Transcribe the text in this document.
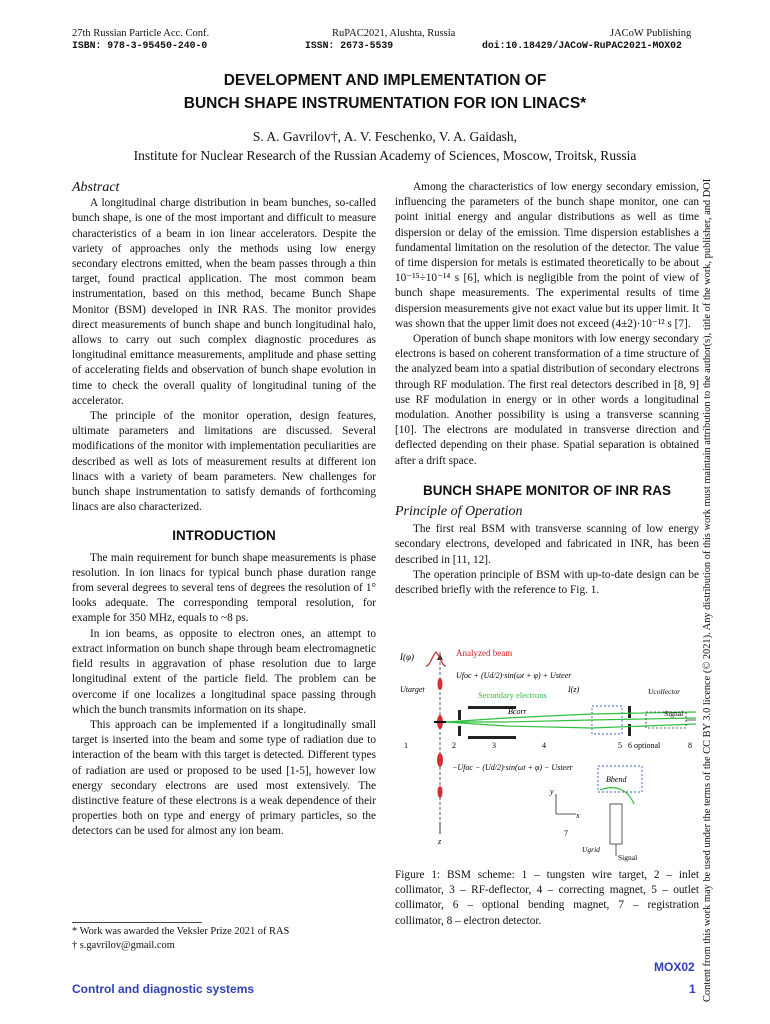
27th Russian Particle Acc. Conf.	RuPAC2021, Alushta, Russia	JACoW Publishing
ISBN: 978-3-95450-240-0	ISSN: 2673-5539	doi:10.18429/JACoW-RuPAC2021-MOX02
DEVELOPMENT AND IMPLEMENTATION OF
BUNCH SHAPE INSTRUMENTATION FOR ION LINACS*
S. A. Gavrilov†, A. V. Feschenko, V. A. Gaidash,
Institute for Nuclear Research of the Russian Academy of Sciences, Moscow, Troitsk, Russia
Abstract

A longitudinal charge distribution in beam bunches, so-called bunch shape, is one of the most important and difficult to measure characteristics of a beam in ion linear accelerators. Despite the variety of approaches only the methods using low energy secondary electrons emitted, when the beam passes through a thin target, found practical application. The most common beam instrumentation, based on this method, became Bunch Shape Monitor (BSM) developed in INR RAS. The monitor provides direct measurements of bunch shape and bunch longitudinal halo, allows to carry out such complex diagnostic procedures as longitudinal emittance measurements, amplitude and phase setting of accelerating fields and observation of bunch shape evolution in time to check the overall quality of longitudinal tuning of the accelerator.

The principle of the monitor operation, design features, ultimate parameters and limitations are discussed. Several modifications of the monitor with implementation peculiarities are described as well as lots of measurement results at different ion linacs with a variety of beam parameters. New challenges for bunch shape instrumentation to satisfy demands of forthcoming linacs are also characterized.

INTRODUCTION

The main requirement for bunch shape measurements is phase resolution. In ion linacs for typical bunch phase duration range from several degrees to several tens of degrees the resolution of 1° looks adequate. The corresponding temporal resolution, for example for 350 MHz, equals to ~8 ps.

In ion beams, as opposite to electron ones, an attempt to extract information on bunch shape through beam electromagnetic field results in aggravation of phase resolution due to large longitudinal extent of the particle field. The problem can be overcome if one localizes a longitudinal space passing through which the bunch transmits information on its shape.

This approach can be implemented if a longitudinally small target is inserted into the beam and some type of radiation due to interaction of the beam with this target is detected. Different types of radiation are used or proposed to be used [1-5], however low energy secondary electrons are used most extensively. The distinctive feature of these electrons is a weak dependence of their properties both on type and energy of primary particles, so the detectors can be used for almost any ion beam.

* Work was awarded the Veksler Prize 2021 of RAS
† s.gavrilov@gmail.com

Among the characteristics of low energy secondary emission, influencing the parameters of the bunch shape monitor, one can point initial energy and angular distributions as well as time dispersion or delay of the emission. Time dispersion establishes a fundamental limitation on the resolution of the detector. The value of time dispersion for metals is estimated theoretically to be about 10⁻¹⁵÷10⁻¹⁴ s [6], which is negligible from the point of view of bunch shape measurements. The experimental results of time dispersion measurements give not exact value but its upper limit. It was shown that the upper limit does not exceed (4±2)·10⁻¹² s [7].

Operation of bunch shape monitors with low energy secondary electrons is based on coherent transformation of a time structure of the analyzed beam into a spatial distribution of secondary electrons through RF modulation. The first real detectors described in [8, 9] use RF modulation in energy or in other words a longitudinal modulation. Another possibility is using a transverse scanning [10]. The electrons are modulated in transverse direction and deflected depending on their phase. Spatial separation is obtained after a drift space.

BUNCH SHAPE MONITOR OF INR RAS
Principle of Operation

The first real BSM with transverse scanning of low energy secondary electrons, developed and fabricated in INR, has been described in [11, 12].

The operation principle of BSM with up-to-date design can be described briefly with the reference to Fig. 1.

I(φ)	Analyzed beam
Ufoc + (Ud/2)·sin(ωt + φ) + Usteer
Secondary electrons
Utarget	I(z)	Ucollector
Signal
Bcorr
1	2	3	4	5 6 optional	8
−Ufoc − (Ud/2)·sin(ωt + φ) − Usteer
Bbend
7
Ugrid
Signal
y
x
z
Figure 1: BSM scheme: 1 – tungsten wire target, 2 – inlet collimator, 3 – RF-deflector, 4 – correcting magnet, 5 – outlet collimator, 6 – optional bending magnet, 7 – registration collimator, 8 – electron detector.
MOX02
Control and diagnostic systems	1 Content from this work may be used under the terms of the CC BY 3.0 licence (© 2021). Any distribution of this work must maintain attribution to the author(s), title of the work, publisher, and DOI
